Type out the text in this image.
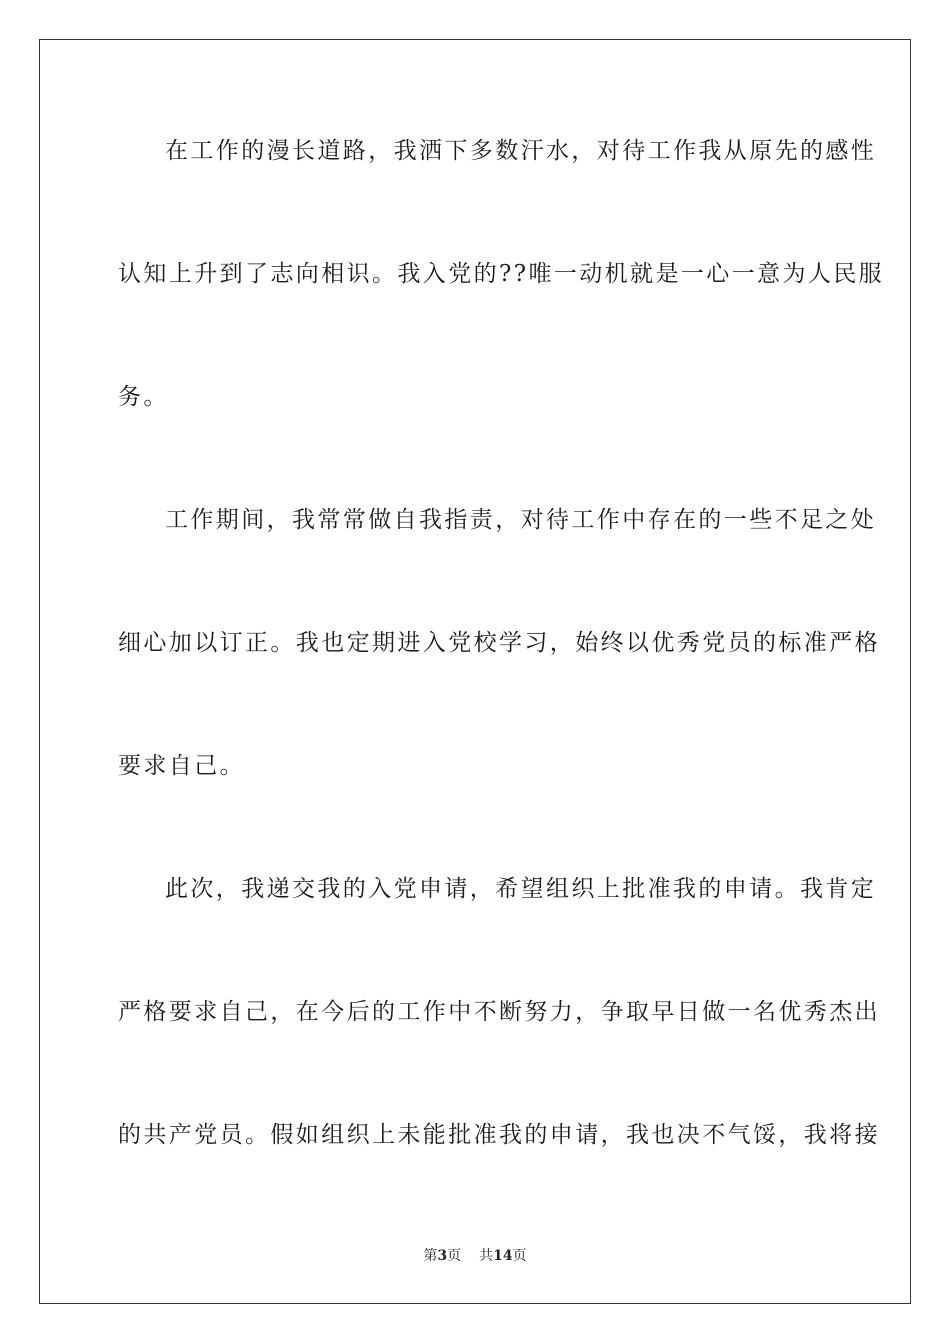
在工作的漫长道路，我洒下多数汗水，对待工作我从原先的感性
认知上升到了志向相识。我入党的??唯一动机就是一心一意为人民服
务。
工作期间，我常常做自我指责，对待工作中存在的一些不足之处
细心加以订正。我也定期进入党校学习，始终以优秀党员的标准严格
要求自己。
此次，我递交我的入党申请，希望组织上批准我的申请。我肯定
严格要求自己，在今后的工作中不断努力，争取早日做一名优秀杰出
的共产党员。假如组织上未能批准我的申请，我也决不气馁，我将接
第3页 共14页
